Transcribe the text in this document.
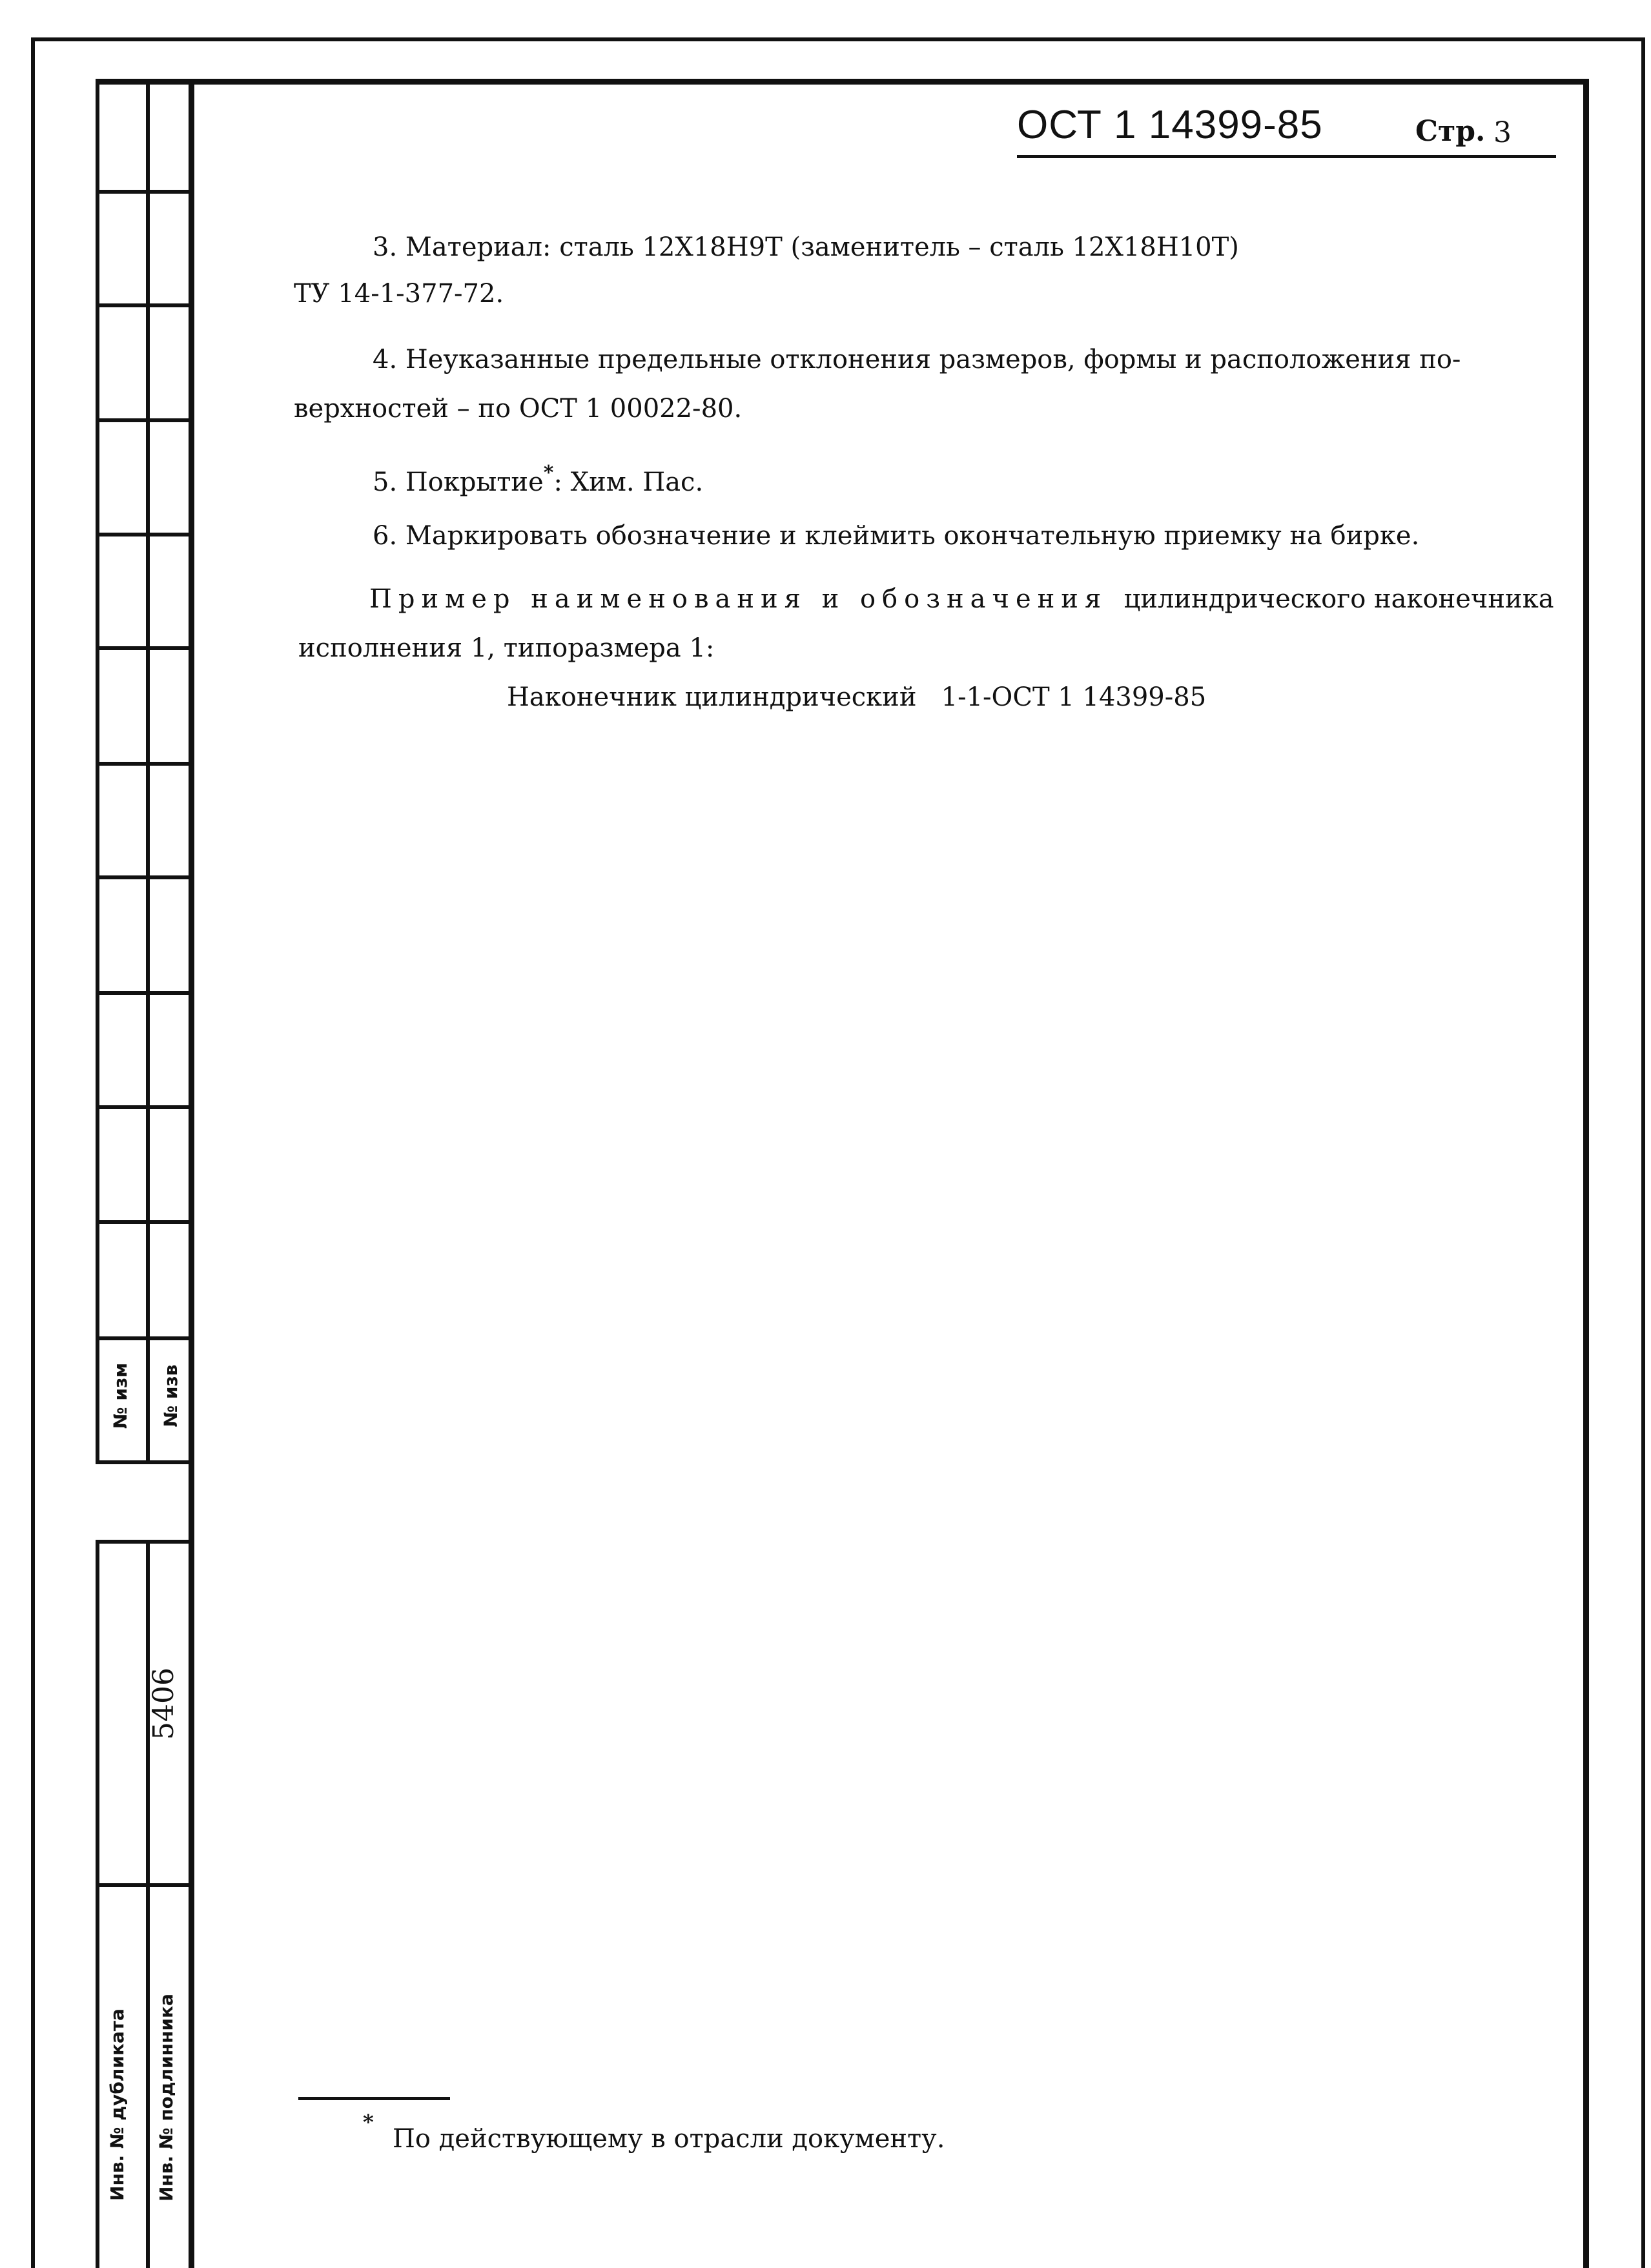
№ изм № изв
5406
Инв. № дубликата Инв. № подлинника
ОСТ 1 14399-85	Стр. 3
3. Материал: сталь 12Х18Н9Т (заменитель – сталь 12Х18Н10Т)
ТУ 14-1-377-72.
4. Неуказанные предельные отклонения размеров, формы и расположения по-
верхностей – по ОСТ 1 00022-80.
5. Покрытие*: Хим. Пас.
6. Маркировать обозначение и клеймить окончательную приемку на бирке.
Пример наименования и обозначения цилиндрического наконечника
исполнения 1, типоразмера 1:
Наконечник цилиндрический   1-1-ОСТ 1 14399-85
*
По действующему в отрасли документу.
